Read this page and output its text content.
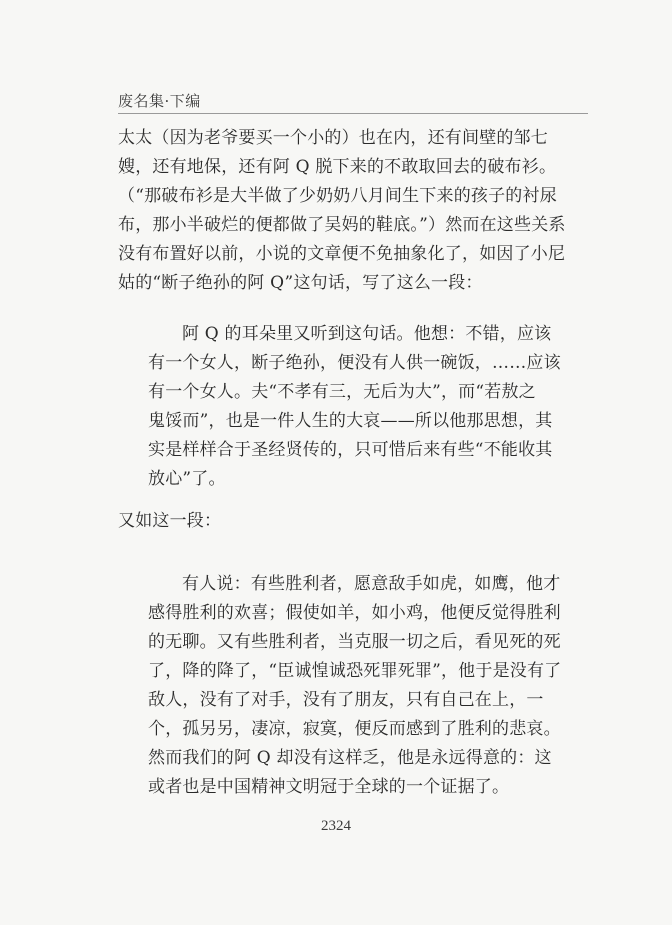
废名集·下编
太太（因为老爷要买一个小的）也在内，还有间壁的邹七
嫂，还有地保，还有阿 Q 脱下来的不敢取回去的破布衫。
（“那破布衫是大半做了少奶奶八月间生下来的孩子的衬尿
布，那小半破烂的便都做了吴妈的鞋底。”）然而在这些关系
没有布置好以前，小说的文章便不免抽象化了，如因了小尼
姑的“断子绝孙的阿 Q”这句话，写了这么一段：
阿 Q 的耳朵里又听到这句话。他想：不错，应该
有一个女人，断子绝孙，便没有人供一碗饭，……应该
有一个女人。夫“不孝有三，无后为大”，而“若敖之
鬼馁而”，也是一件人生的大哀——所以他那思想，其
实是样样合于圣经贤传的，只可惜后来有些“不能收其
放心”了。
又如这一段：
有人说：有些胜利者，愿意敌手如虎，如鹰，他才
感得胜利的欢喜；假使如羊，如小鸡，他便反觉得胜利
的无聊。又有些胜利者，当克服一切之后，看见死的死
了，降的降了，“臣诚惶诚恐死罪死罪”，他于是没有了
敌人，没有了对手，没有了朋友，只有自己在上，一
个，孤另另，凄凉，寂寞，便反而感到了胜利的悲哀。
然而我们的阿 Q 却没有这样乏，他是永远得意的：这
或者也是中国精神文明冠于全球的一个证据了。
2324
